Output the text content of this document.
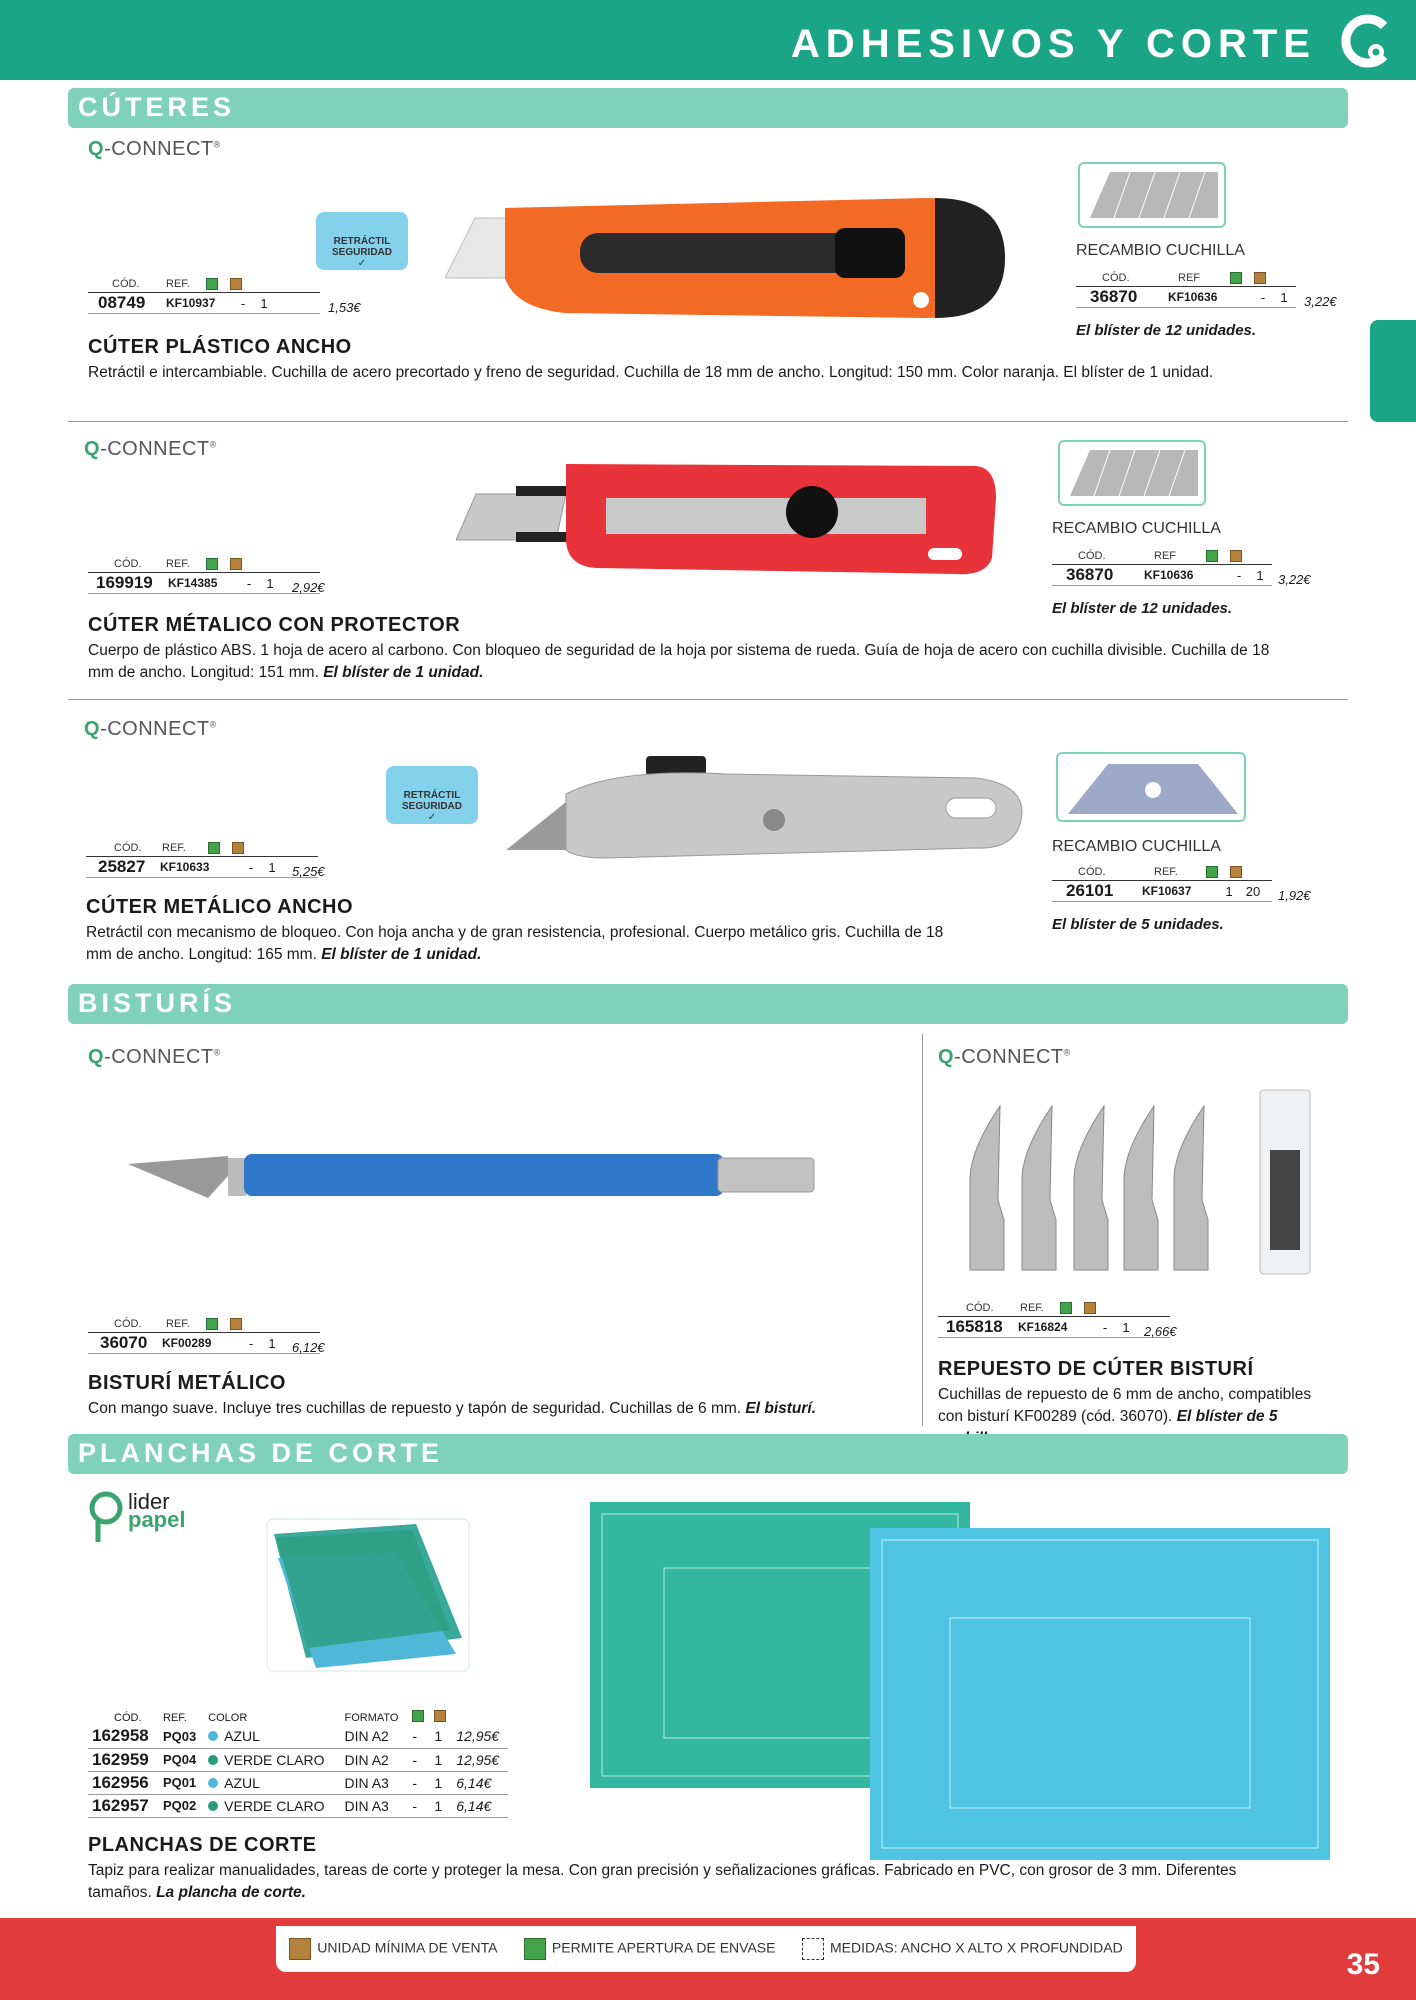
ADHESIVOS Y CORTE
CÚTERES
Q-CONNECT®
RETRÁCTIL
SEGURIDAD
✓
CÓD.	REF.
08749	KF10937	-	1	1,53€
RECAMBIO CUCHILLA
CÓD.	REF
36870	KF10636	-	1	3,22€
El blíster de 12 unidades.
CÚTER PLÁSTICO ANCHO
Retráctil e intercambiable. Cuchilla de acero precortado y freno de seguridad. Cuchilla de 18 mm de ancho. Longitud: 150 mm. Color naranja. El blíster de 1 unidad.
Q-CONNECT®
CÓD.	REF.
169919	KF14385	-	1	2,92€
RECAMBIO CUCHILLA
CÓD.	REF
36870	KF10636	-	1	3,22€
El blíster de 12 unidades.
CÚTER MÉTALICO CON PROTECTOR
Cuerpo de plástico ABS. 1 hoja de acero al carbono. Con bloqueo de seguridad de la hoja por sistema de rueda. Guía de hoja de acero con cuchilla divisible. Cuchilla de 18 mm de ancho. Longitud: 151 mm. El blíster de 1 unidad.
Q-CONNECT®
RETRÁCTIL
SEGURIDAD
✓
CÓD.	REF.
25827	KF10633	-	1	5,25€
RECAMBIO CUCHILLA
CÓD.	REF.
26101	KF10637	1	20	1,92€
El blíster de 5 unidades.
CÚTER METÁLICO ANCHO
Retráctil con mecanismo de bloqueo. Con hoja ancha y de gran resistencia, profesional. Cuerpo metálico gris. Cuchilla de 18 mm de ancho. Longitud: 165 mm. El blíster de 1 unidad.
BISTURÍS
Q-CONNECT®
CÓD.	REF.
36070	KF00289	-	1	6,12€
BISTURÍ METÁLICO
Con mango suave. Incluye tres cuchillas de repuesto y tapón de seguridad. Cuchillas de 6 mm. El bisturí.
Q-CONNECT®
CÓD.	REF.
165818	KF16824	-	1	2,66€
REPUESTO DE CÚTER BISTURÍ
Cuchillas de repuesto de 6 mm de ancho, compatibles con bisturí KF00289 (cód. 36070). El blíster de 5
PLANCHAS DE CORTE
lider
papel
CÓD.	REF.	COLOR	FORMATO			
162958	PQ03	AZUL	DIN A2	-	1	12,95€
162959	PQ04	VERDE CLARO	DIN A2	-	1	12,95€
162956	PQ01	AZUL	DIN A3	-	1	6,14€
162957	PQ02	VERDE CLARO	DIN A3	-	1	6,14€
PLANCHAS DE CORTE
Tapiz para realizar manualidades, tareas de corte y proteger la mesa. Con gran precisión y señalizaciones gráficas. Fabricado en PVC, con grosor de 3 mm. Diferentes tamaños. La plancha de corte.
UNIDAD MÍNIMA DE VENTA	PERMITE APERTURA DE ENVASE	MEDIDAS: ANCHO X ALTO X PROFUNDIDAD
35
